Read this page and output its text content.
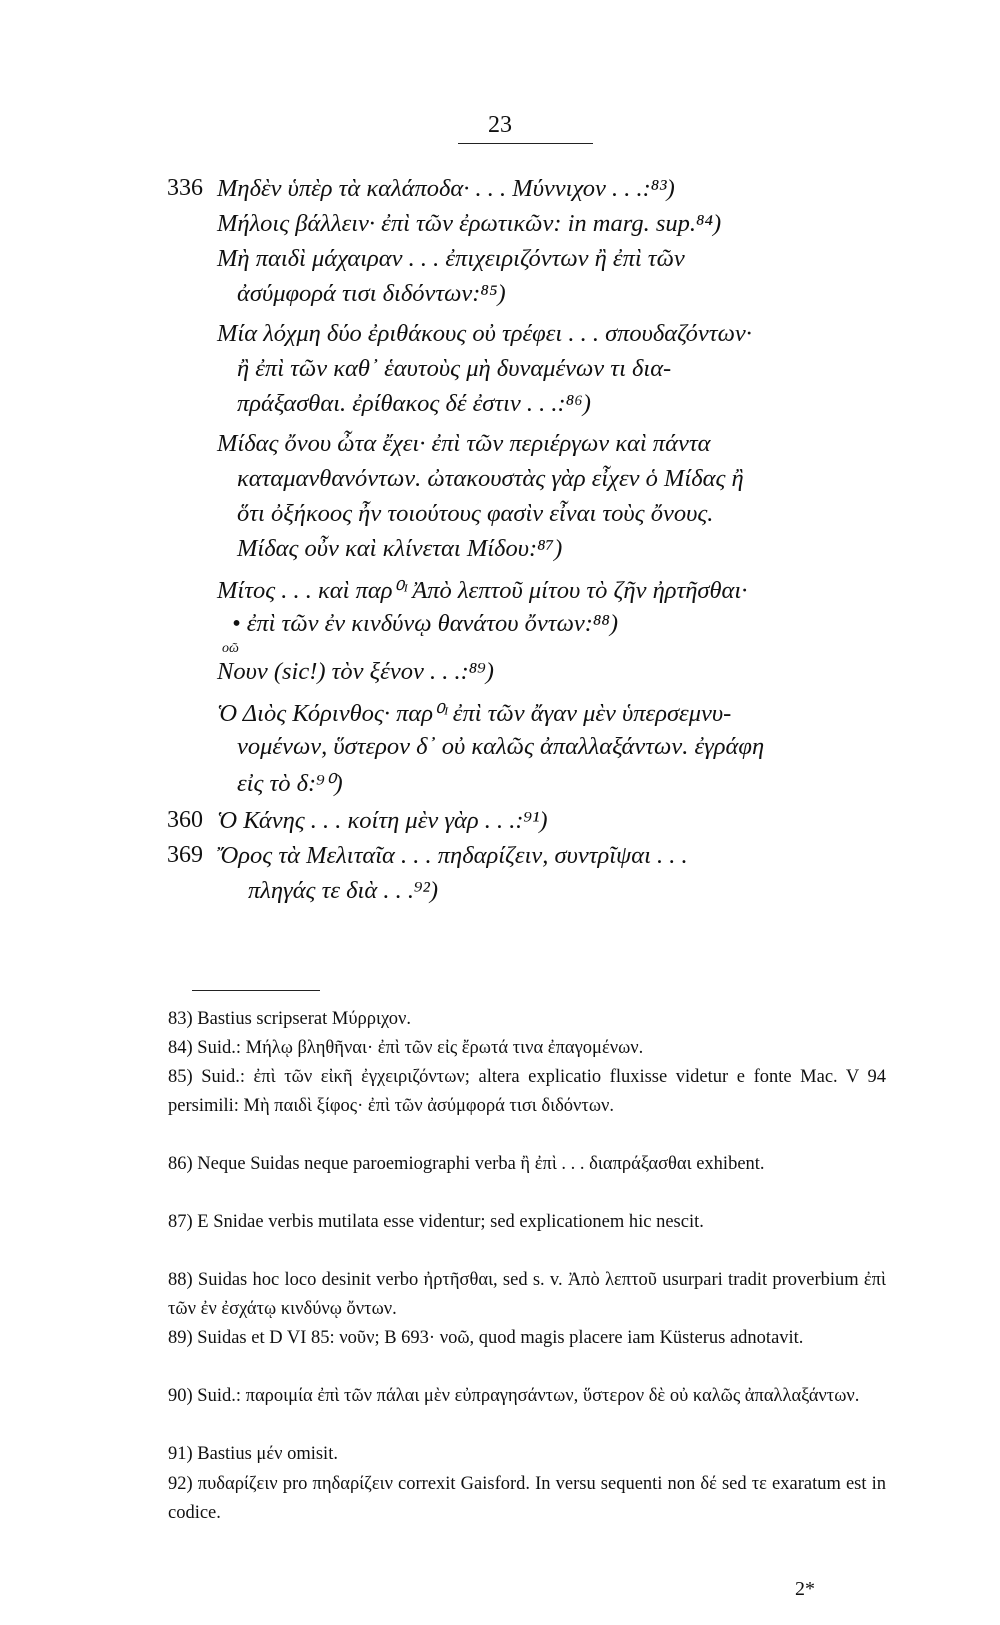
23
336 Μηδὲν ὑπὲρ τὰ καλάποδα· . . . Μύννιχον . . .:⁸³)
Μήλοις βάλλειν· ἐπὶ τῶν ἐρωτικῶν: in marg. sup.⁸⁴)
Μὴ παιδὶ μάχαιραν . . . ἐπιχειριζόντων ἢ ἐπὶ τῶν
ἀσύμφορά τισι διδόντων:⁸⁵)
Μία λόχμη δύο ἐριθάκους οὐ τρέφει . . . σπουδαζόντων·
ἢ ἐπὶ τῶν καθ᾽ ἑαυτοὺς μὴ δυναμένων τι δια-
πράξασθαι. ἐρίθακος δέ ἐστιν . . .:⁸⁶)
Μίδας ὄνου ὦτα ἔχει· ἐπὶ τῶν περιέργων καὶ πάντα
καταμανθανόντων. ὠτακουστὰς γὰρ εἶχεν ὁ Μίδας ἢ
ὅτι ὀξήκοος ἦν τοιούτους φασὶν εἶναι τοὺς ὄνους.
Μίδας οὖν καὶ κλίνεται Μίδου:⁸⁷)
Μίτος . . . καὶ παρ⁰ᶦ Ἀπὸ λεπτοῦ μίτου τὸ ζῆν ἠρτῆσθαι·
• ἐπὶ τῶν ἐν κινδύνῳ θανάτου ὄντων:⁸⁸)
οῶ
Νουν (sic!) τὸν ξένον . . .:⁸⁹)
Ὁ Διὸς Κόρινθος· παρ⁰ᶦ ἐπὶ τῶν ἄγαν μὲν ὑπερσεμνυ-
νομένων, ὕστερον δ᾽ οὐ καλῶς ἀπαλλαξάντων. ἐγράφη
εἰς τὸ δ:⁹⁰)
360 Ὁ Κάνης . . . κοίτη μὲν γὰρ . . .:⁹¹)
369 Ὄρος τὰ Μελιταῖα . . . πηδαρίζειν, συντρῖψαι . . .
πληγάς τε διὰ . . .⁹²)
83) Bastius scripserat Μύρριχον.
84) Suid.: Μήλῳ βληθῆναι· ἐπὶ τῶν εἰς ἔρωτά τινα ἐπαγομένων.
85) Suid.: ἐπὶ τῶν εἰκῆ ἐγχειριζόντων; altera explicatio fluxisse videtur e fonte Mac. V 94 persimili: Μὴ παιδὶ ξίφος· ἐπὶ τῶν ἀσύμφορά τισι διδόντων.
86) Neque Suidas neque paroemiographi verba ἢ ἐπὶ . . . διαπράξασθαι exhibent.
87) E Snidae verbis mutilata esse videntur; sed explicationem hic nescit.
88) Suidas hoc loco desinit verbo ἠρτῆσθαι, sed s. v. Ἀπὸ λεπτοῦ usurpari tradit proverbium ἐπὶ τῶν ἐν ἐσχάτῳ κινδύνῳ ὄντων.
89) Suidas et D VI 85: νοῦν; B 693· νοῶ, quod magis placere iam Küsterus adnotavit.
90) Suid.: παροιμία ἐπὶ τῶν πάλαι μὲν εὐπραγησάντων, ὕστερον δὲ οὐ καλῶς ἀπαλλαξάντων.
91) Bastius μέν omisit.
92) πυδαρίζειν pro πηδαρίζειν correxit Gaisford. In versu sequenti non δέ sed τε exaratum est in codice.
2*
